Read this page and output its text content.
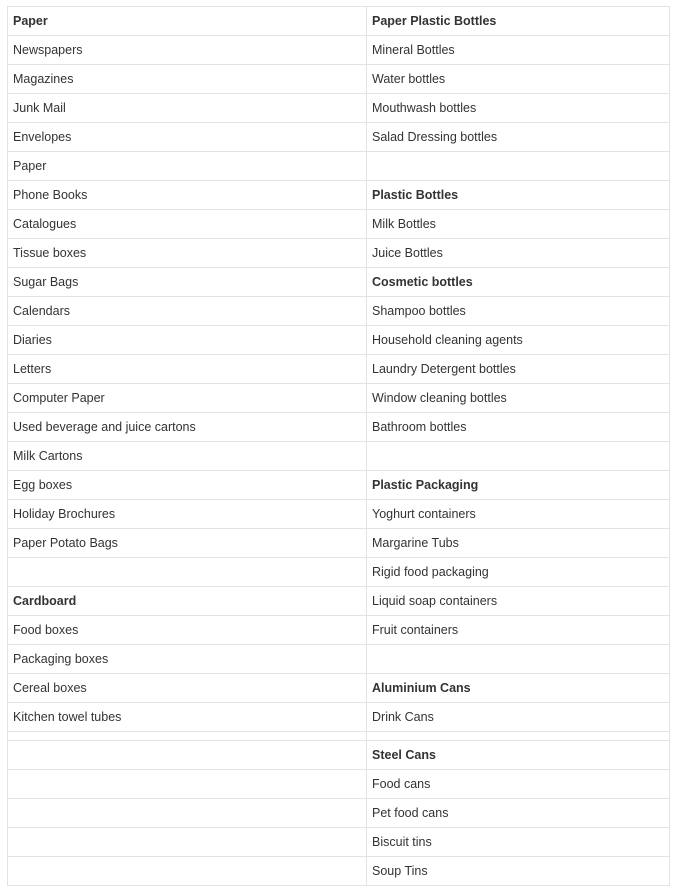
Paper	Paper Plastic Bottles
Newspapers	Mineral Bottles
Magazines	Water bottles
Junk Mail	Mouthwash bottles
Envelopes	Salad Dressing bottles
Paper	
Phone Books	Plastic Bottles
Catalogues	Milk Bottles
Tissue boxes	Juice Bottles
Sugar Bags	Cosmetic bottles
Calendars	Shampoo bottles
Diaries	Household cleaning agents
Letters	Laundry Detergent bottles
Computer Paper	Window cleaning bottles
Used beverage and juice cartons	Bathroom bottles
Milk Cartons	
Egg boxes	Plastic Packaging
Holiday Brochures	Yoghurt containers
Paper Potato Bags	Margarine Tubs
	Rigid food packaging
Cardboard	Liquid soap containers
Food boxes	Fruit containers
Packaging boxes	
Cereal boxes	Aluminium Cans
Kitchen towel tubes	Drink Cans

	Steel Cans
	Food cans
	Pet food cans
	Biscuit tins
	Soup Tins
